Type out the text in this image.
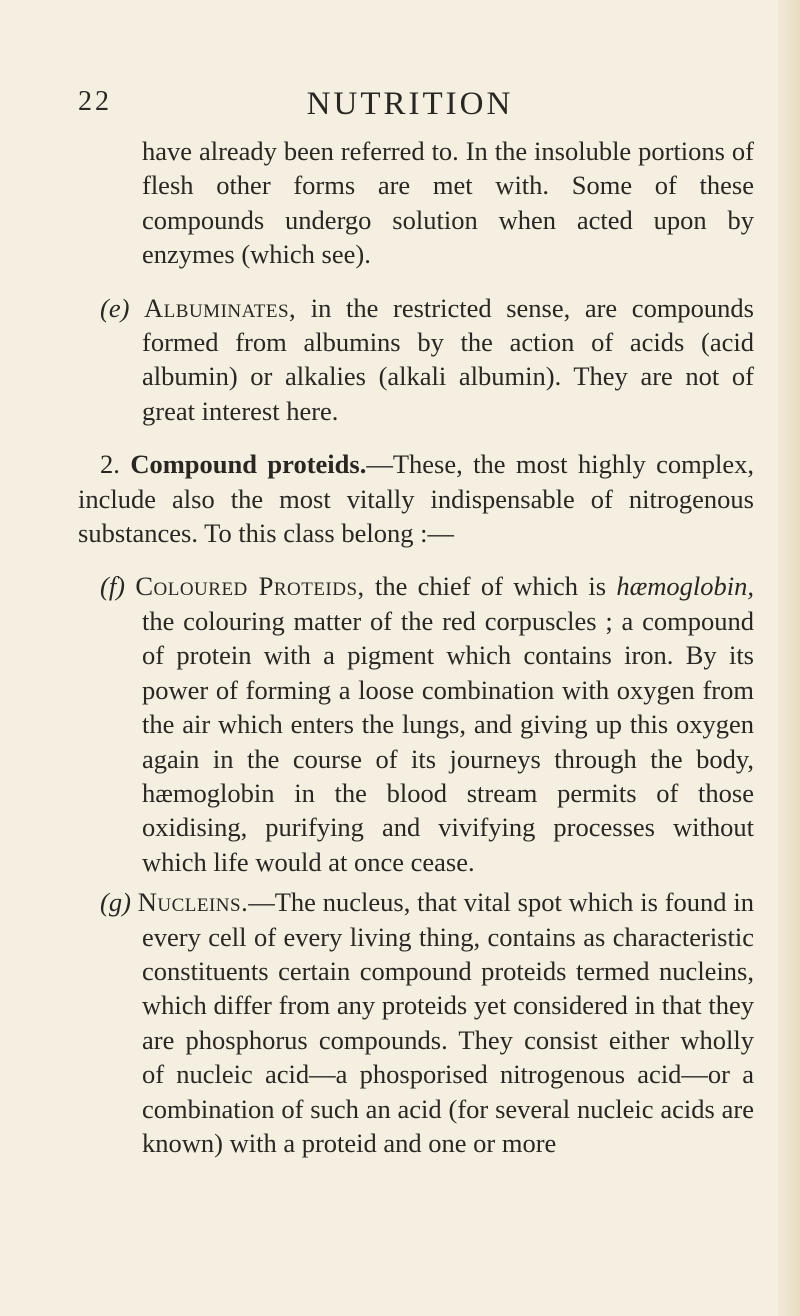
22	NUTRITION

have already been referred to. In the insoluble portions of flesh other forms are met with. Some of these compounds undergo solution when acted upon by enzymes (which see).

(e) Albuminates, in the restricted sense, are compounds formed from albumins by the action of acids (acid albumin) or alkalies (alkali albumin). They are not of great interest here.

2. Compound proteids.—These, the most highly complex, include also the most vitally indispensable of nitrogenous substances. To this class belong :—

(f) Coloured Proteids, the chief of which is hæmoglobin, the colouring matter of the red corpuscles ; a compound of protein with a pigment which contains iron. By its power of forming a loose combination with oxygen from the air which enters the lungs, and giving up this oxygen again in the course of its journeys through the body, hæmoglobin in the blood stream permits of those oxidising, purifying and vivifying processes without which life would at once cease.

(g) Nucleins.—The nucleus, that vital spot which is found in every cell of every living thing, contains as characteristic constituents certain compound proteids termed nucleins, which differ from any proteids yet considered in that they are phosphorus compounds. They consist either wholly of nucleic acid—a phosporised nitrogenous acid—or a combination of such an acid (for several nucleic acids are known) with a proteid and one or more
